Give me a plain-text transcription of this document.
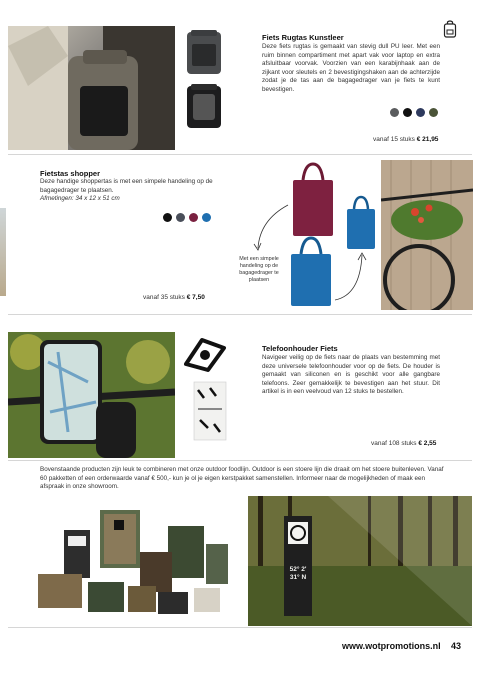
Fiets Rugtas Kunstleer
Deze fiets rugtas is gemaakt van stevig dull PU leer. Met een ruim binnen compartiment met apart vak voor laptop en extra afsluitbaar voorvak. Voorzien van een karabijnhaak aan de zijkant voor sleutels en 2 bevestigingshaken aan de achterzijde zodat je de tas aan de bagagedrager van je fiets te kunt bevestigen.
vanaf 15 stuks € 21,95
Fietstas shopper
Deze handige shoppertas is met een simpele handeling op de bagagedrager te plaatsen.
Afmetingen: 34 x 12 x 51 cm
Met een simpele handeling op de bagagedrager te plaatsen
vanaf 35 stuks € 7,50
Telefoonhouder Fiets
Navigeer veilig op de fiets naar de plaats van bestemming met deze universele telefoonhouder voor op de fiets. De houder is gemaakt van siliconen en is geschikt voor alle gangbare telefoons. Zeer gemakkelijk te bevestigen aan het stuur. Dit artikel is in een veelvoud van 12 stuks te bestellen.
vanaf 108 stuks € 2,55
Bovenstaande producten zijn leuk te combineren met onze outdoor foodlijn. Outdoor is een stoere lijn die draait om het stoere buitenleven. Vanaf 60 pakketten of een orderwaarde vanaf € 500,- kun je ol je eigen kerstpakket samenstellen. Informeer naar de mogelijkheden of maak een afspraak in onze showroom.
52° 2'
31° N
www.wotpromotions.nl 43
